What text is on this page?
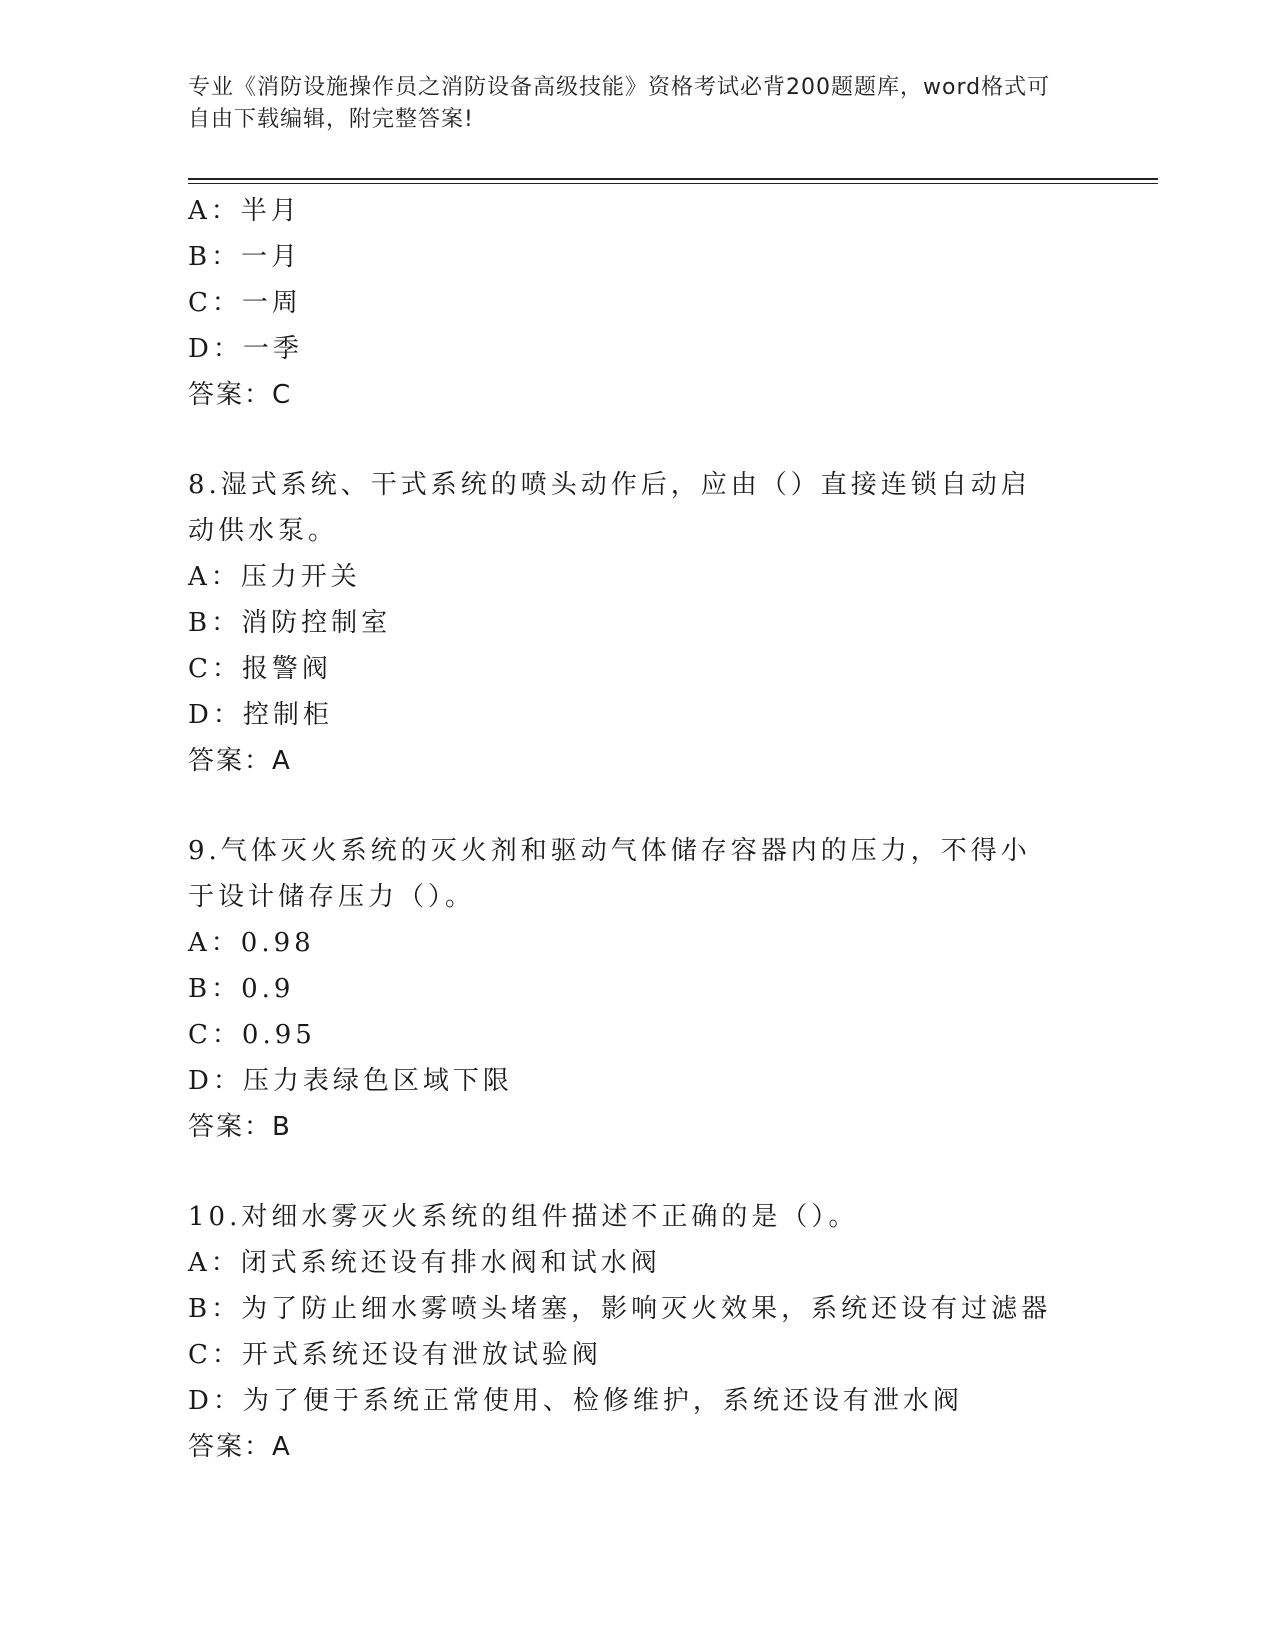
专业《消防设施操作员之消防设备高级技能》资格考试必背200题题库，word格式可自由下载编辑，附完整答案!
A：半月
B：一月
C：一周
D：一季
答案：C
8.湿式系统、干式系统的喷头动作后，应由（）直接连锁自动启动供水泵。
A：压力开关
B：消防控制室
C：报警阀
D：控制柜
答案：A
9.气体灭火系统的灭火剂和驱动气体储存容器内的压力，不得小于设计储存压力（）。
A：0.98
B：0.9
C：0.95
D：压力表绿色区域下限
答案：B
10.对细水雾灭火系统的组件描述不正确的是（）。
A：闭式系统还设有排水阀和试水阀
B：为了防止细水雾喷头堵塞，影响灭火效果，系统还设有过滤器
C：开式系统还设有泄放试验阀
D：为了便于系统正常使用、检修维护，系统还设有泄水阀
答案：A
